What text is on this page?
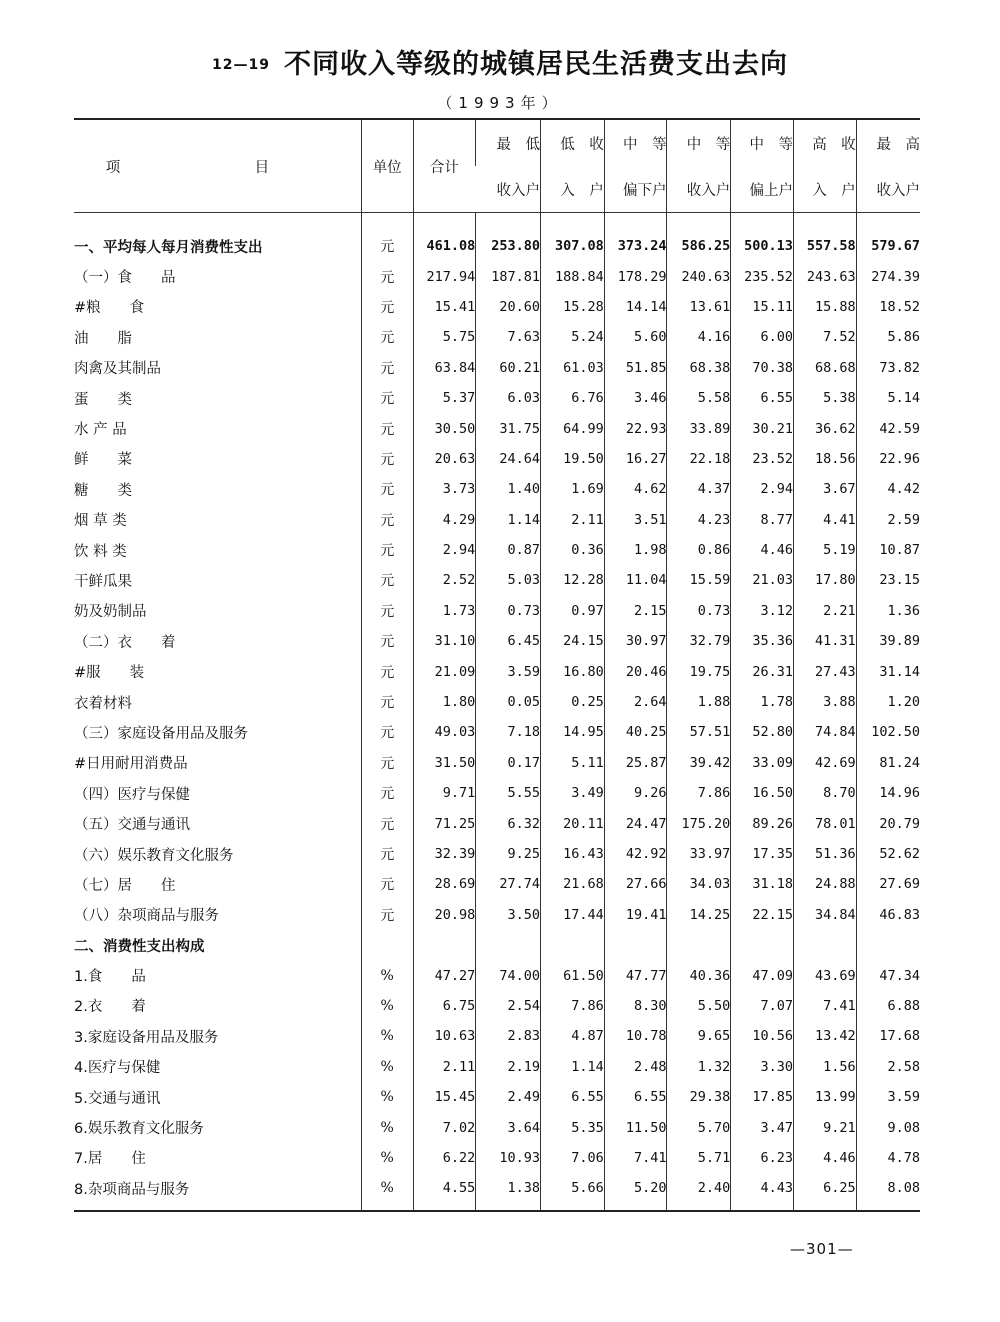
12—19 不同收入等级的城镇居民生活费支出去向
（1993年）
项　目	单位	合计	最　低	低　收	中　等	中　等	中　等	高　收	最　高
			收入户	入　户	偏下户	收入户	偏上户	入　户	收入户

一、平均每人每月消费性支出	元	461.08	253.80	307.08	373.24	586.25	500.13	557.58	579.67
（一）食　　品	元	217.94	187.81	188.84	178.29	240.63	235.52	243.63	274.39
#粮　　食	元	15.41	20.60	15.28	14.14	13.61	15.11	15.88	18.52
油　　脂	元	5.75	7.63	5.24	5.60	4.16	6.00	7.52	5.86
肉禽及其制品	元	63.84	60.21	61.03	51.85	68.38	70.38	68.68	73.82
蛋　　类	元	5.37	6.03	6.76	3.46	5.58	6.55	5.38	5.14
水 产 品	元	30.50	31.75	64.99	22.93	33.89	30.21	36.62	42.59
鲜　　菜	元	20.63	24.64	19.50	16.27	22.18	23.52	18.56	22.96
糖　　类	元	3.73	1.40	1.69	4.62	4.37	2.94	3.67	4.42
烟 草 类	元	4.29	1.14	2.11	3.51	4.23	8.77	4.41	2.59
饮 料 类	元	2.94	0.87	0.36	1.98	0.86	4.46	5.19	10.87
干鲜瓜果	元	2.52	5.03	12.28	11.04	15.59	21.03	17.80	23.15
奶及奶制品	元	1.73	0.73	0.97	2.15	0.73	3.12	2.21	1.36
（二）衣　　着	元	31.10	6.45	24.15	30.97	32.79	35.36	41.31	39.89
#服　　装	元	21.09	3.59	16.80	20.46	19.75	26.31	27.43	31.14
衣着材料	元	1.80	0.05	0.25	2.64	1.88	1.78	3.88	1.20
（三）家庭设备用品及服务	元	49.03	7.18	14.95	40.25	57.51	52.80	74.84	102.50
#日用耐用消费品	元	31.50	0.17	5.11	25.87	39.42	33.09	42.69	81.24
（四）医疗与保健	元	9.71	5.55	3.49	9.26	7.86	16.50	8.70	14.96
（五）交通与通讯	元	71.25	6.32	20.11	24.47	175.20	89.26	78.01	20.79
（六）娱乐教育文化服务	元	32.39	9.25	16.43	42.92	33.97	17.35	51.36	52.62
（七）居　　住	元	28.69	27.74	21.68	27.66	34.03	31.18	24.88	27.69
（八）杂项商品与服务	元	20.98	3.50	17.44	19.41	14.25	22.15	34.84	46.83
二、消费性支出构成									
1.食　　品	%	47.27	74.00	61.50	47.77	40.36	47.09	43.69	47.34
2.衣　　着	%	6.75	2.54	7.86	8.30	5.50	7.07	7.41	6.88
3.家庭设备用品及服务	%	10.63	2.83	4.87	10.78	9.65	10.56	13.42	17.68
4.医疗与保健	%	2.11	2.19	1.14	2.48	1.32	3.30	1.56	2.58
5.交通与通讯	%	15.45	2.49	6.55	6.55	29.38	17.85	13.99	3.59
6.娱乐教育文化服务	%	7.02	3.64	5.35	11.50	5.70	3.47	9.21	9.08
7.居　　住	%	6.22	10.93	7.06	7.41	5.71	6.23	4.46	4.78
8.杂项商品与服务	%	4.55	1.38	5.66	5.20	2.40	4.43	6.25	8.08
—301—
